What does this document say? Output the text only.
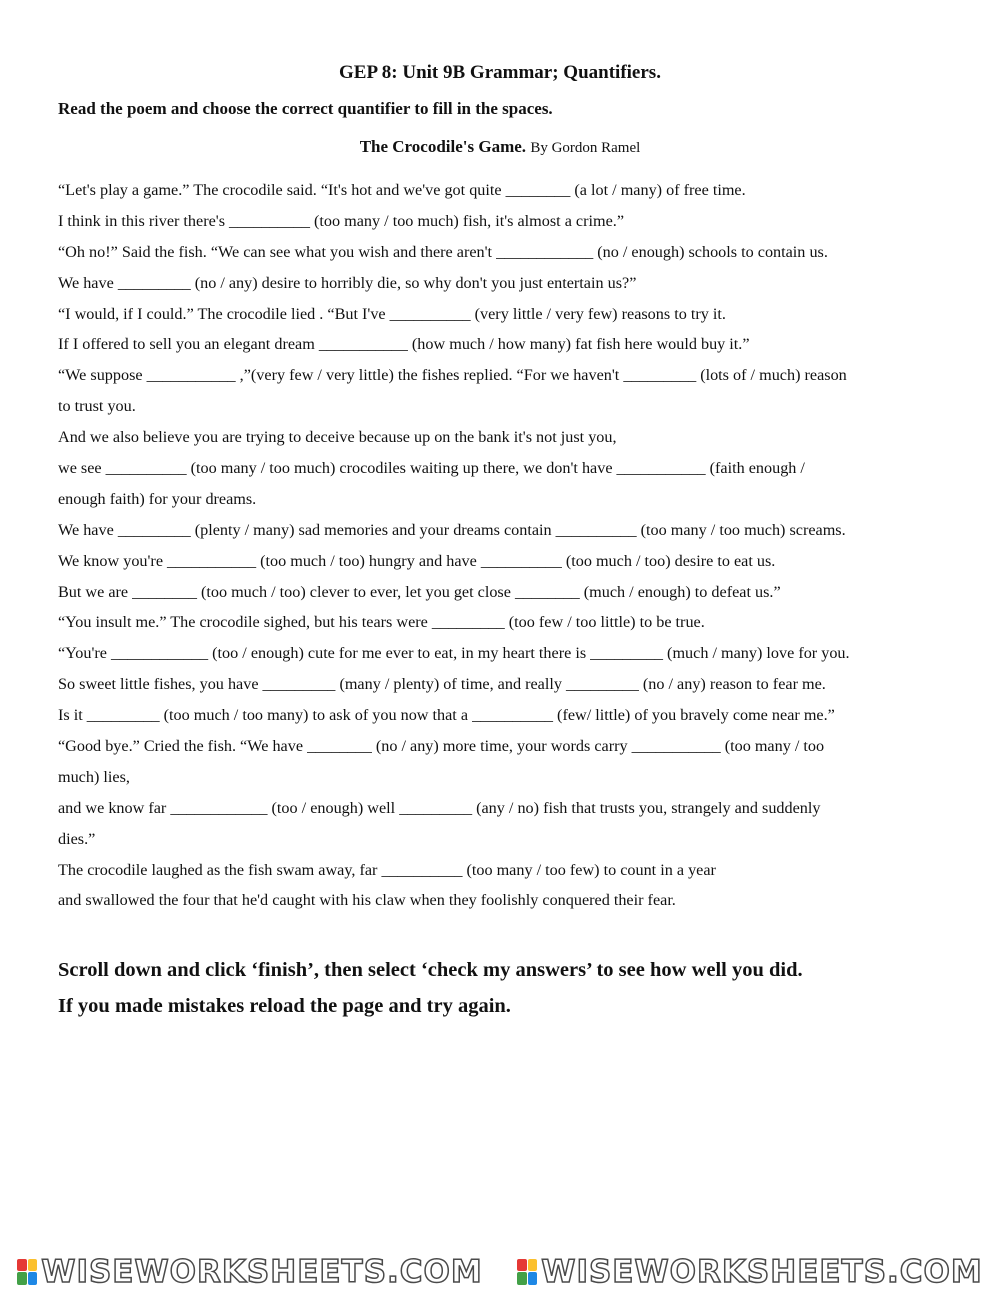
GEP 8: Unit 9B Grammar; Quantifiers.
Read the poem and choose the correct quantifier to fill in the spaces.
The Crocodile's Game. By Gordon Ramel
“Let's play a game.” The crocodile said. “It's hot and we've got quite ________ (a lot / many) of free time.
I think in this river there's __________ (too many / too much) fish, it's almost a crime.”
“Oh no!” Said the fish. “We can see what you wish and there aren't ____________ (no / enough) schools to contain us.
We have _________ (no / any) desire to horribly die, so why don't you just entertain us?”
“I would, if I could.” The crocodile lied . “But I've __________ (very little / very few) reasons to try it.
If I offered to sell you an elegant dream ___________ (how much / how many) fat fish here would buy it.”
“We suppose ___________ ,”(very few / very little) the fishes replied. “For we haven't _________ (lots of / much) reason
to trust you.
And we also believe you are trying to deceive because up on the bank it's not just you,
we see __________ (too many / too much) crocodiles waiting up there, we don't have ___________ (faith enough /
enough faith) for your dreams.
We have _________ (plenty / many) sad memories and your dreams contain __________ (too many / too much) screams.
We know you're ___________ (too much / too) hungry and have __________ (too much / too) desire to eat us.
But we are ________ (too much / too) clever to ever, let you get close ________ (much / enough) to defeat us.”
“You insult me.” The crocodile sighed, but his tears were _________ (too few / too little) to be true.
“You're ____________ (too / enough) cute for me ever to eat, in my heart there is _________ (much / many) love for you.
So sweet little fishes, you have _________ (many / plenty) of time, and really _________ (no / any) reason to fear me.
Is it _________ (too much / too many) to ask of you now that a __________ (few/ little) of you bravely come near me.”
“Good bye.” Cried the fish. “We have ________ (no / any) more time, your words carry ___________ (too many / too
much) lies,
and we know far ____________ (too / enough) well _________ (any / no) fish that trusts you, strangely and suddenly
dies.”
The crocodile laughed as the fish swam away, far __________ (too many / too few) to count in a year
and swallowed the four that he'd caught with his claw when they foolishly conquered their fear.
Scroll down and click ‘finish’, then select ‘check my answers’ to see how well you did.
If you made mistakes reload the page and try again.
WISEWORKSHEETS.COM WISEWORKSHEETS.COM
